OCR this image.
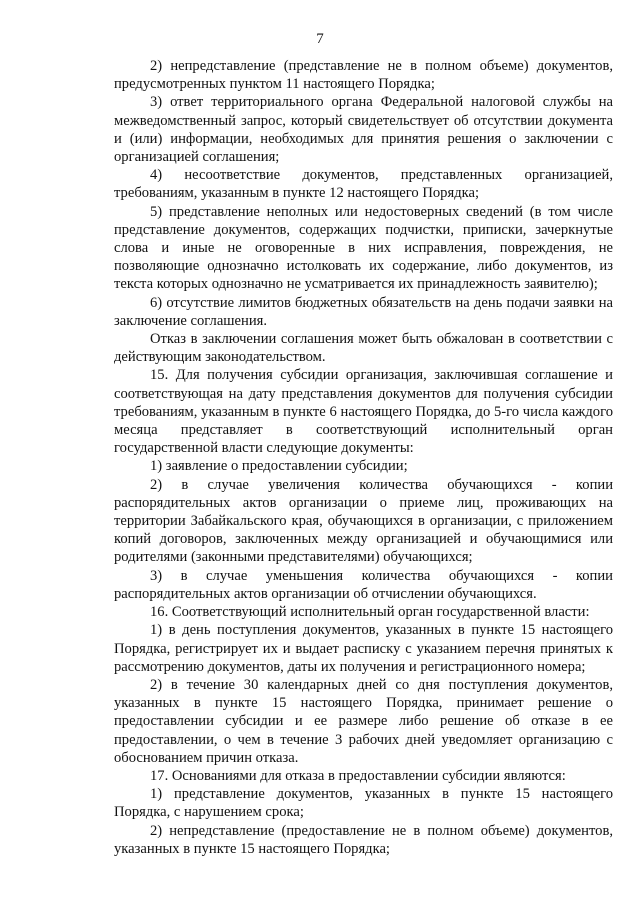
7

2) непредставление (представление не в полном объеме) документов, предусмотренных пунктом 11 настоящего Порядка;

3) ответ территориального органа Федеральной налоговой службы на межведомственный запрос, который свидетельствует об отсутствии документа и (или) информации, необходимых для принятия решения о заключении с организацией соглашения;

4) несоответствие документов, представленных организацией, требованиям, указанным в пункте 12 настоящего Порядка;

5) представление неполных или недостоверных сведений (в том числе представление документов, содержащих подчистки, приписки, зачеркнутые слова и иные не оговоренные в них исправления, повреждения, не позволяющие однозначно истолковать их содержание, либо документов, из текста которых однозначно не усматривается их принадлежность заявителю);

6) отсутствие лимитов бюджетных обязательств на день подачи заявки на заключение соглашения.

Отказ в заключении соглашения может быть обжалован в соответствии с действующим законодательством.

15. Для получения субсидии организация, заключившая соглашение и соответствующая на дату представления документов для получения субсидии требованиям, указанным в пункте 6 настоящего Порядка, до 5-го числа каждого месяца представляет в соответствующий исполнительный орган государственной власти следующие документы:

1) заявление о предоставлении субсидии;

2) в случае увеличения количества обучающихся - копии распорядительных актов организации о приеме лиц, проживающих на территории Забайкальского края, обучающихся в организации, с приложением копий договоров, заключенных между организацией и обучающимися или родителями (законными представителями) обучающихся;

3) в случае уменьшения количества обучающихся - копии распорядительных актов организации об отчислении обучающихся.

16. Соответствующий исполнительный орган государственной власти:

1) в день поступления документов, указанных в пункте 15 настоящего Порядка, регистрирует их и выдает расписку с указанием перечня принятых к рассмотрению документов, даты их получения и регистрационного номера;

2) в течение 30 календарных дней со дня поступления документов, указанных в пункте 15 настоящего Порядка, принимает решение о предоставлении субсидии и ее размере либо решение об отказе в ее предоставлении, о чем в течение 3 рабочих дней уведомляет организацию с обоснованием причин отказа.

17. Основаниями для отказа в предоставлении субсидии являются:

1) представление документов, указанных в пункте 15 настоящего Порядка, с нарушением срока;

2) непредставление (предоставление не в полном объеме) документов, указанных в пункте 15 настоящего Порядка;
